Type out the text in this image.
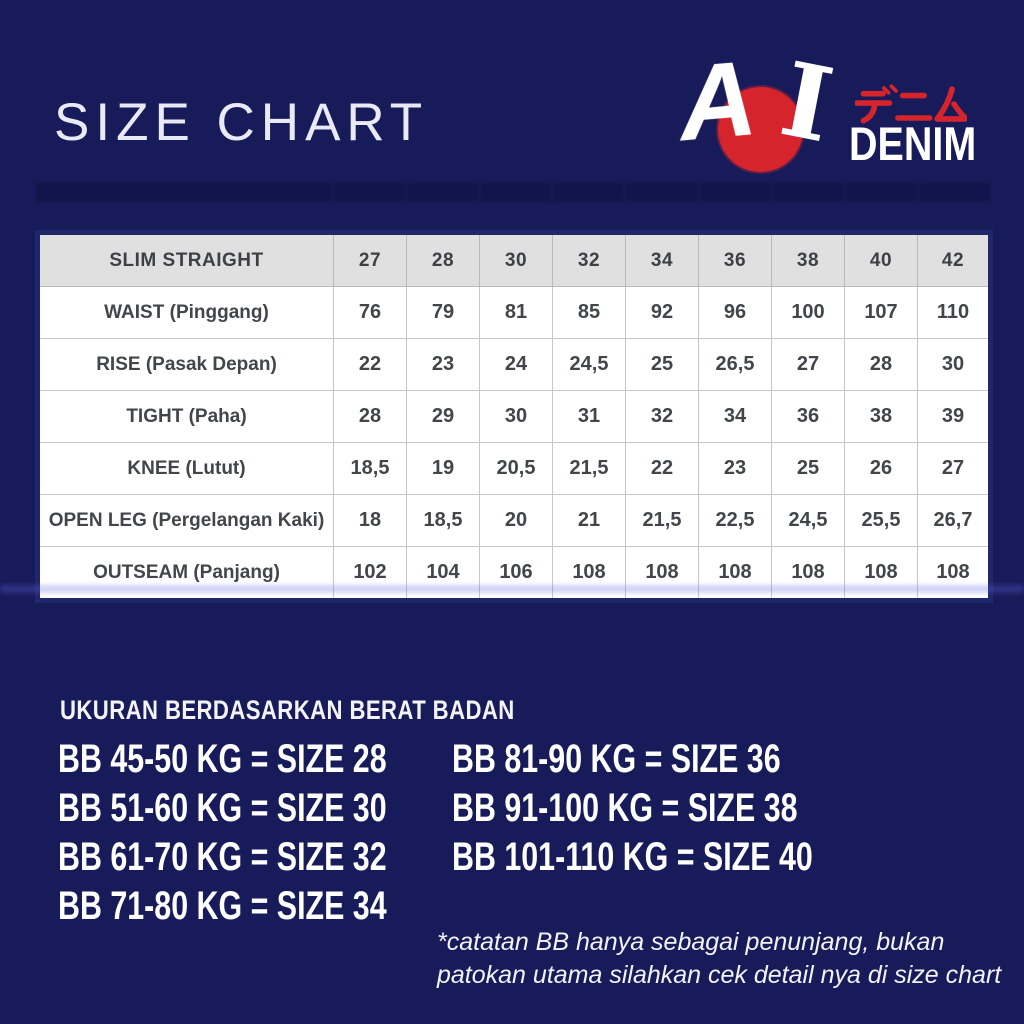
SIZE CHART A I DENIM
SLIM STRAIGHT	27	28	30	32	34	36	38	40	42
WAIST (Pinggang)	76	79	81	85	92	96	100	107	110
RISE (Pasak Depan)	22	23	24	24,5	25	26,5	27	28	30
TIGHT (Paha)	28	29	30	31	32	34	36	38	39
KNEE (Lutut)	18,5	19	20,5	21,5	22	23	25	26	27
OPEN LEG (Pergelangan Kaki)	18	18,5	20	21	21,5	22,5	24,5	25,5	26,7
OUTSEAM (Panjang)	102	104	106	108	108	108	108	108	108
UKURAN BERDASARKAN BERAT BADAN
BB 45-50 KG = SIZE 28
BB 51-60 KG = SIZE 30
BB 61-70 KG = SIZE 32
BB 71-80 KG = SIZE 34
BB 81-90 KG = SIZE 36
BB 91-100 KG = SIZE 38
BB 101-110 KG = SIZE 40
*catatan BB hanya sebagai penunjang, bukan patokan utama silahkan cek detail nya di size chart
